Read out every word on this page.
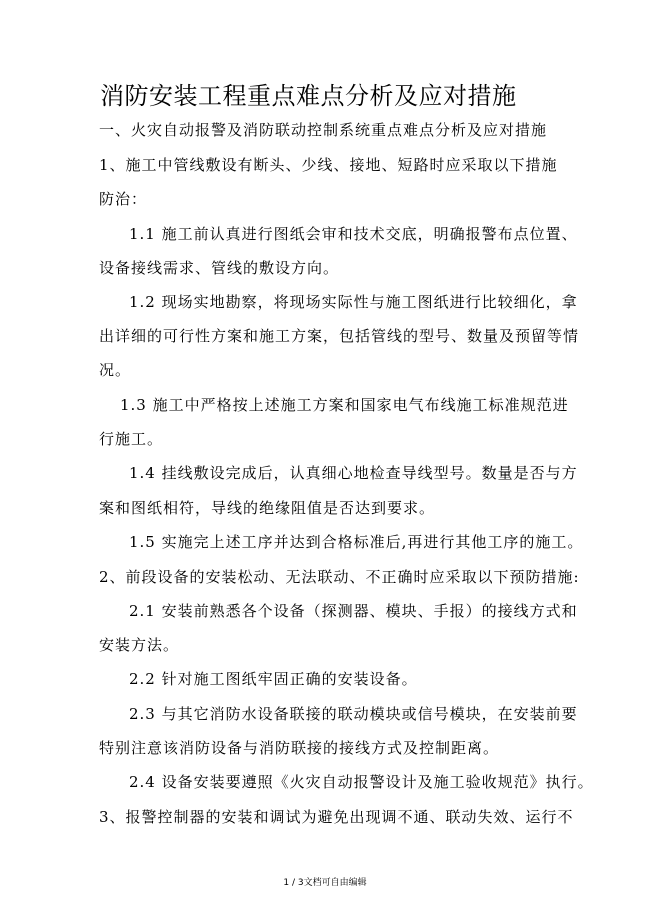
消防安装工程重点难点分析及应对措施
一、火灾自动报警及消防联动控制系统重点难点分析及应对措施
1、施工中管线敷设有断头、少线、接地、短路时应采取以下措施
防治：
1.1 施工前认真进行图纸会审和技术交底，明确报警布点位置、
设备接线需求、管线的敷设方向。
1.2 现场实地勘察，将现场实际性与施工图纸进行比较细化，拿
出详细的可行性方案和施工方案，包括管线的型号、数量及预留等情
况。
1.3 施工中严格按上述施工方案和国家电气布线施工标准规范进
行施工。
1.4 挂线敷设完成后，认真细心地检查导线型号。数量是否与方
案和图纸相符，导线的绝缘阻值是否达到要求。
1.5 实施完上述工序并达到合格标准后,再进行其他工序的施工。
2、前段设备的安装松动、无法联动、不正确时应采取以下预防措施:
2.1 安装前熟悉各个设备（探测器、模块、手报）的接线方式和
安装方法。
2.2 针对施工图纸牢固正确的安装设备。
2.3 与其它消防水设备联接的联动模块或信号模块，在安装前要
特别注意该消防设备与消防联接的接线方式及控制距离。
2.4 设备安装要遵照《火灾自动报警设计及施工验收规范》执行。
3、报警控制器的安装和调试为避免出现调不通、联动失效、运行不
1 / 3文档可自由编辑
